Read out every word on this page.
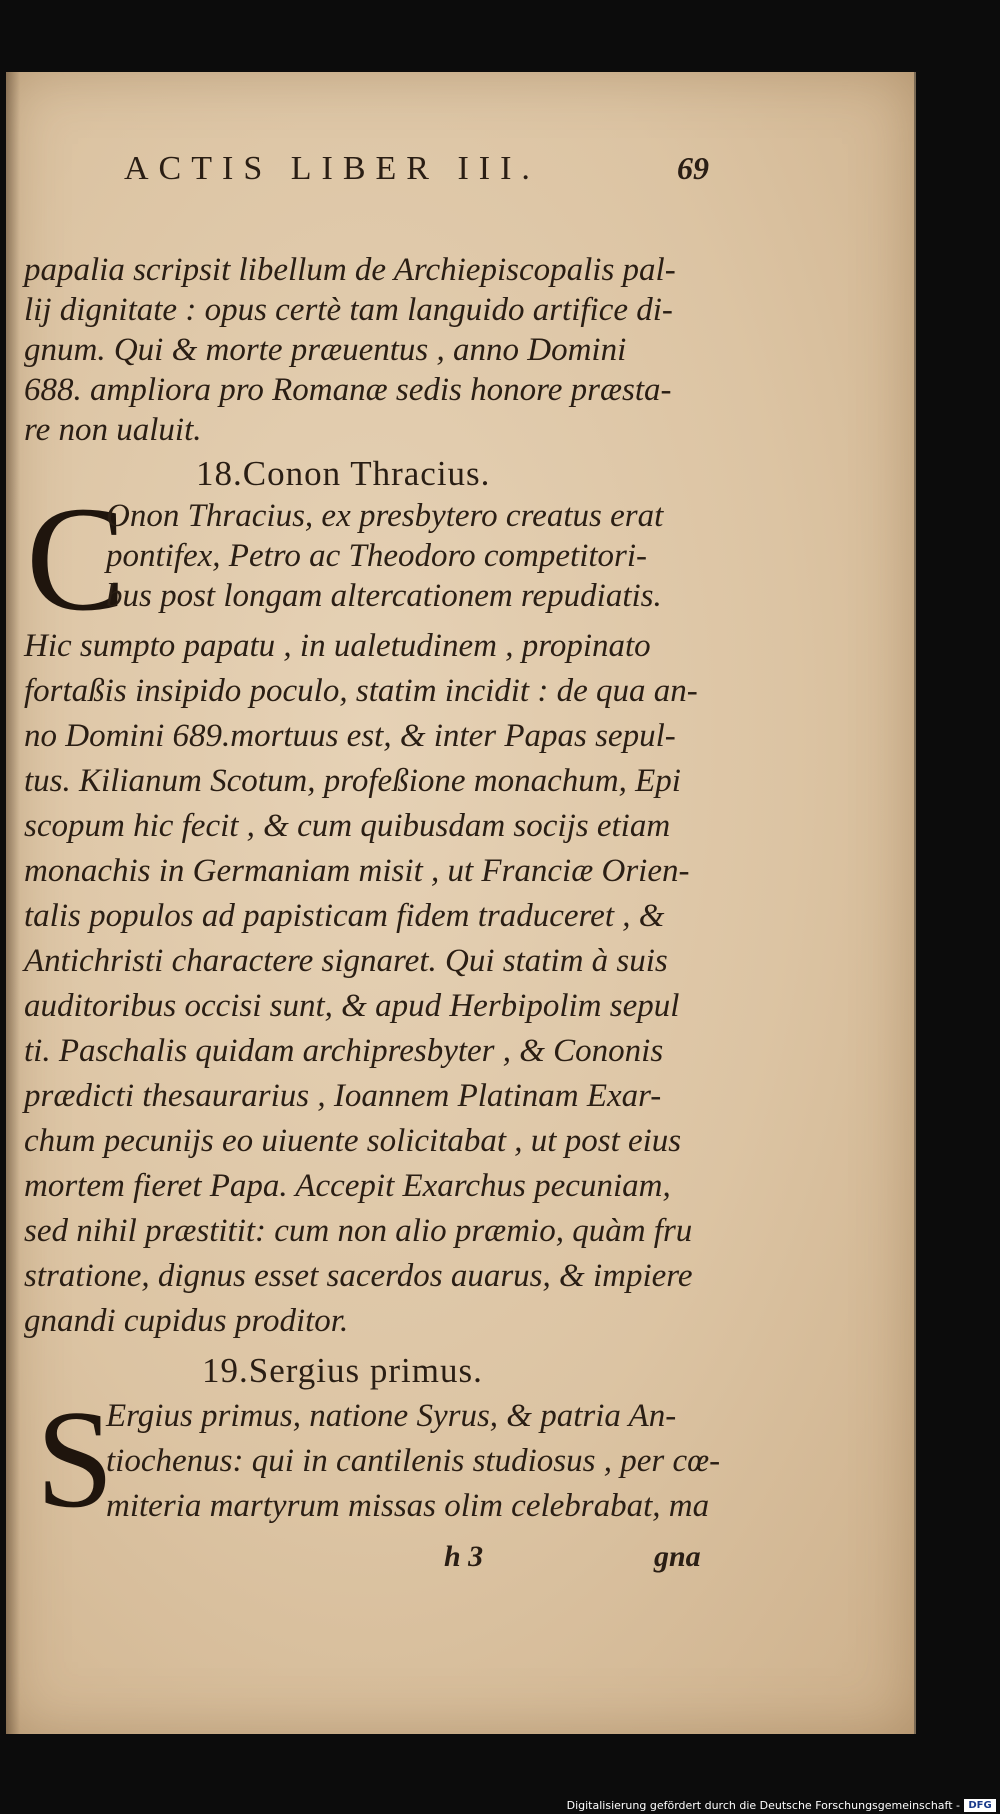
ACTIS LIBER III.	69
papalia scripsit libellum de Archiepiscopalis pal-
lij dignitate : opus certè tam languido artifice di-
gnum. Qui & morte præuentus , anno Domini
688. ampliora pro Romanæ sedis honore præsta-
re non ualuit.
18.Conon Thracius.
C
Onon Thracius, ex presbytero creatus erat
pontifex, Petro ac Theodoro competitori-
bus post longam altercationem repudiatis.
Hic sumpto papatu , in ualetudinem , propinato
fortaßis insipido poculo, statim incidit : de qua an-
no Domini 689.mortuus est, & inter Papas sepul-
tus. Kilianum Scotum, profeßione monachum, Epi
scopum hic fecit , & cum quibusdam socijs etiam
monachis in Germaniam misit , ut Franciæ Orien-
talis populos ad papisticam fidem traduceret , &
Antichristi charactere signaret. Qui statim à suis
auditoribus occisi sunt, & apud Herbipolim sepul
ti. Paschalis quidam archipresbyter , & Cononis
prædicti thesaurarius , Ioannem Platinam Exar-
chum pecunijs eo uiuente solicitabat , ut post eius
mortem fieret Papa. Accepit Exarchus pecuniam,
sed nihil præstitit: cum non alio præmio, quàm fru
stratione, dignus esset sacerdos auarus, & impiere
gnandi cupidus proditor.
19.Sergius primus.
S
Ergius primus, natione Syrus, & patria An-
tiochenus: qui in cantilenis studiosus , per cœ-
miteria martyrum missas olim celebrabat, ma
h 3	gna
Digitalisierung gefördert durch die Deutsche Forschungsgemeinschaft - DFG
